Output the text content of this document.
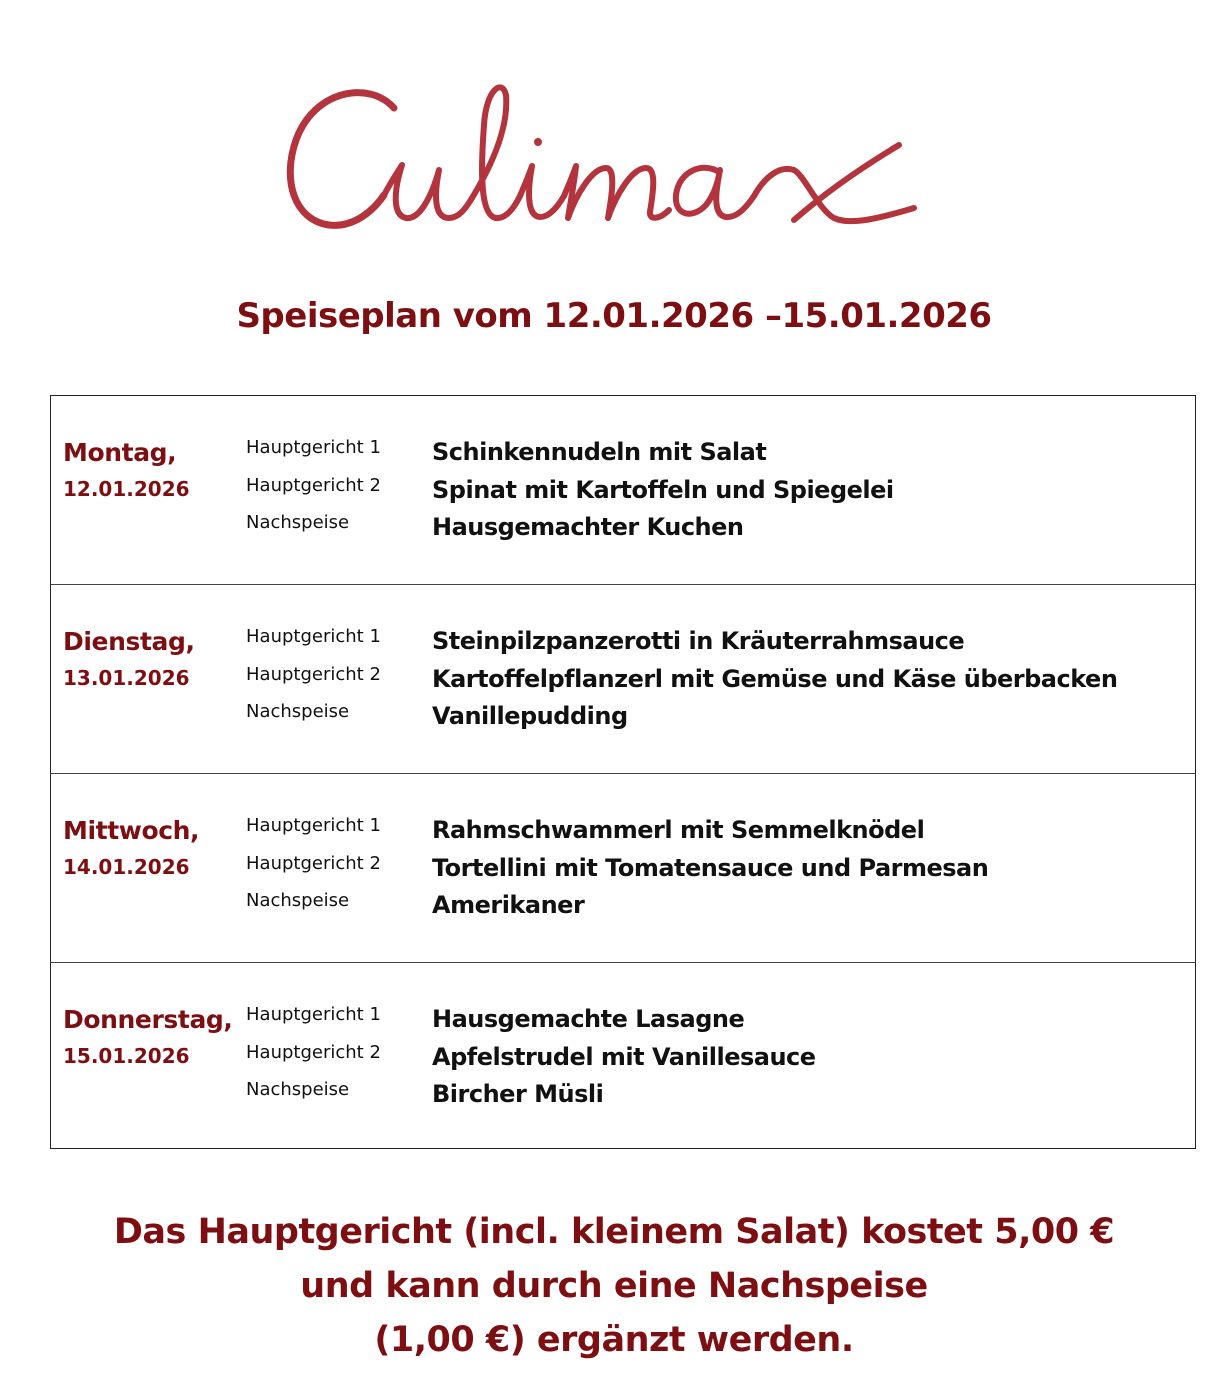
Speiseplan vom 12.01.2026 –15.01.2026
Montag,
12.01.2026
Hauptgericht 1
Hauptgericht 2
Nachspeise
Schinkennudeln mit Salat
Spinat mit Kartoffeln und Spiegelei
Hausgemachter Kuchen
Dienstag,
13.01.2026
Hauptgericht 1
Hauptgericht 2
Nachspeise
Steinpilzpanzerotti in Kräuterrahmsauce
Kartoffelpflanzerl mit Gemüse und Käse überbacken
Vanillepudding
Mittwoch,
14.01.2026
Hauptgericht 1
Hauptgericht 2
Nachspeise
Rahmschwammerl mit Semmelknödel
Tortellini mit Tomatensauce und Parmesan
Amerikaner
Donnerstag,
15.01.2026
Hauptgericht 1
Hauptgericht 2
Nachspeise
Hausgemachte Lasagne
Apfelstrudel mit Vanillesauce
Bircher Müsli
Das Hauptgericht (incl. kleinem Salat) kostet 5,00 €
und kann durch eine Nachspeise
(1,00 €) ergänzt werden.
